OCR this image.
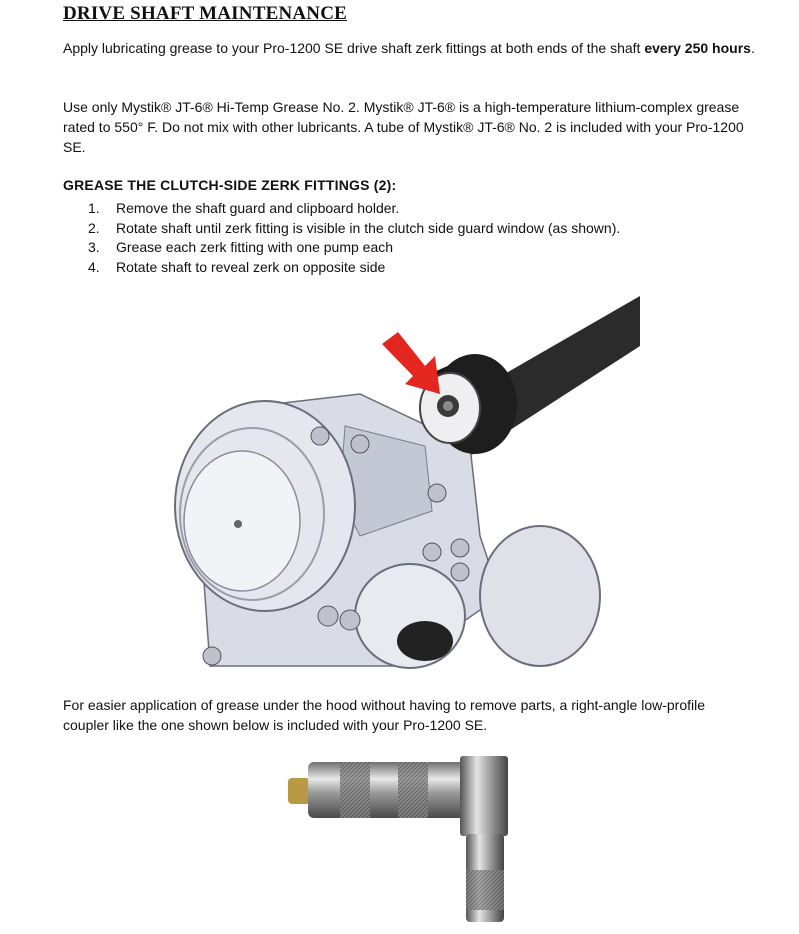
DRIVE SHAFT MAINTENANCE

Apply lubricating grease to your Pro-1200 SE drive shaft zerk fittings at both ends of the shaft every 250 hours.

Use only Mystik® JT-6® Hi-Temp Grease No. 2. Mystik® JT-6® is a high-temperature lithium-complex grease rated to 550° F. Do not mix with other lubricants. A tube of Mystik® JT-6® No. 2 is included with your Pro-1200 SE.

GREASE THE CLUTCH-SIDE ZERK FITTINGS (2):
1.	Remove the shaft guard and clipboard holder.
2.	Rotate shaft until zerk fitting is visible in the clutch side guard window (as shown).
3.	Grease each zerk fitting with one pump each
4.	Rotate shaft to reveal zerk on opposite side

For easier application of grease under the hood without having to remove parts, a right-angle low-profile coupler like the one shown below is included with your Pro-1200 SE.
